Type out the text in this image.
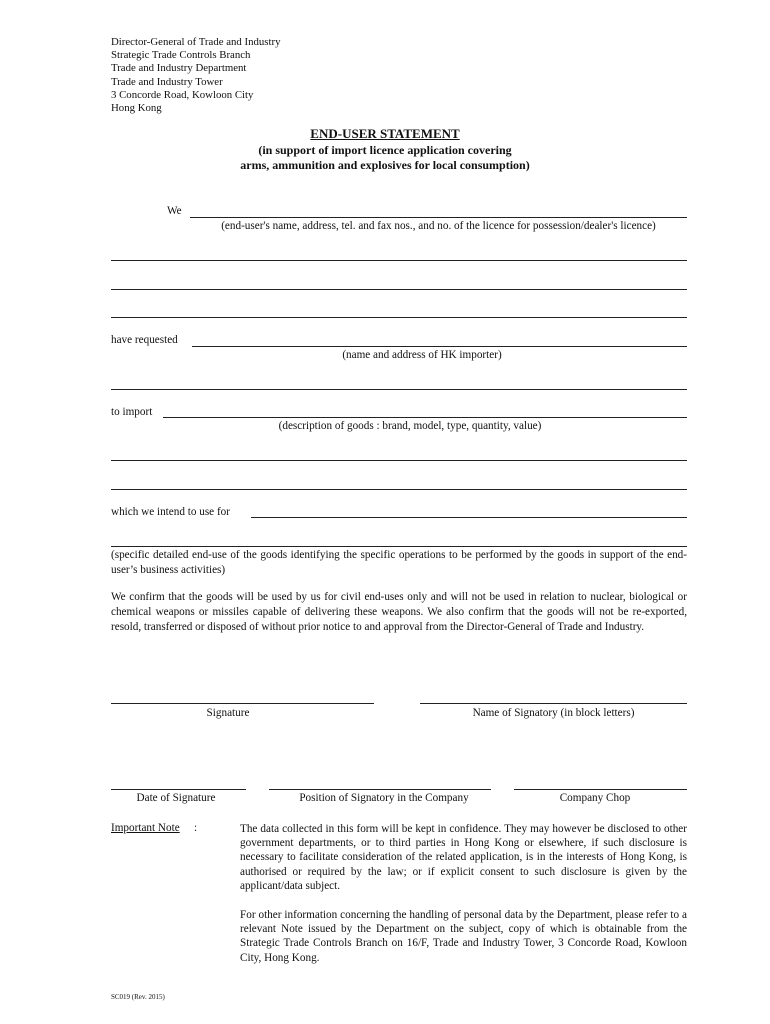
Director-General of Trade and Industry
Strategic Trade Controls Branch
Trade and Industry Department
Trade and Industry Tower
3 Concorde Road, Kowloon City
Hong Kong
END-USER STATEMENT
(in support of import licence application covering
arms, ammunition and explosives for local consumption)
We
(end-user's name, address, tel. and fax nos., and no. of the licence for possession/dealer's licence)
have requested
(name and address of HK importer)
to import
(description of goods : brand, model, type, quantity, value)
which we intend to use for
(specific detailed end-use of the goods identifying the specific operations to be performed by the goods in support of the end-user’s business activities)
We confirm that the goods will be used by us for civil end-uses only and will not be used in relation to nuclear, biological or chemical weapons or missiles capable of delivering these weapons. We also confirm that the goods will not be re-exported, resold, transferred or disposed of without prior notice to and approval from the Director-General of Trade and Industry.
Signature	Name of Signatory (in block letters)
Date of Signature	Position of Signatory in the Company	Company Chop
Important Note :	The data collected in this form will be kept in confidence. They may however be disclosed to other government departments, or to third parties in Hong Kong or elsewhere, if such disclosure is necessary to facilitate consideration of the related application, is in the interests of Hong Kong, is authorised or required by the law; or if explicit consent to such disclosure is given by the applicant/data subject.
For other information concerning the handling of personal data by the Department, please refer to a relevant Note issued by the Department on the subject, copy of which is obtainable from the Strategic Trade Controls Branch on 16/F, Trade and Industry Tower, 3 Concorde Road, Kowloon City, Hong Kong.
SC019 (Rev. 2015)
